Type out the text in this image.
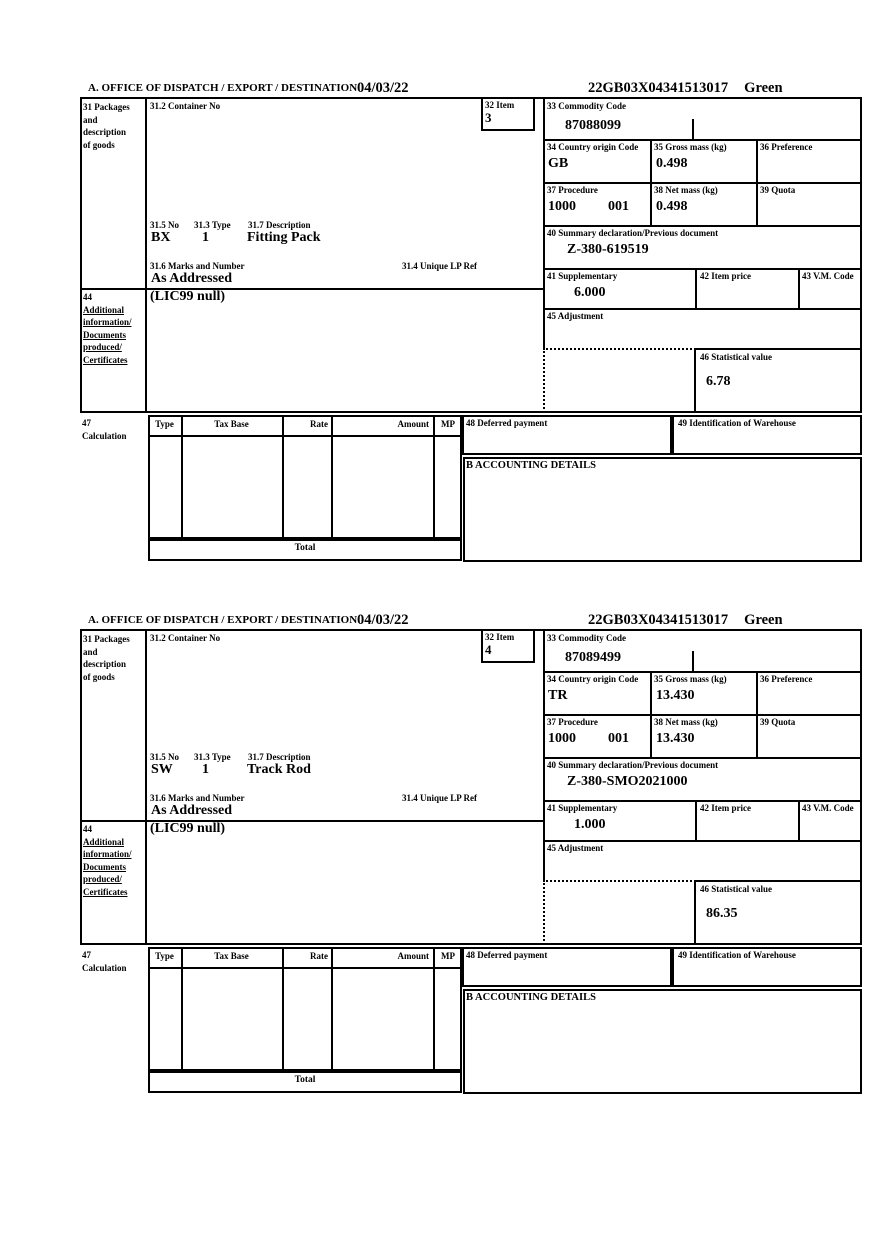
A. OFFICE OF DISPATCH / EXPORT / DESTINATION 04/03/22	22GB03X04341513017 Green
31 Packages
and
description
of goods
44
Additional
information/
Documents
produced/
Certificates
31.2 Container No	32 Item
3
31.5 No 31.3 Type 31.7 Description
BX 1	Fitting Pack
31.6 Marks and Number	31.4 Unique LP Ref
As Addressed
(LIC99 null)
33 Commodity Code
87088099
34 Country origin Code
GB
35 Gross mass (kg)
0.498
36 Preference
37 Procedure
1000 001
38 Net mass (kg)
0.498
39 Quota
40 Summary declaration/Previous document
Z-380-619519
41 Supplementary
6.000
42 Item price	43 V.M. Code
45 Adjustment
46 Statistical value
6.78
47
Calculation
Type	Tax Base	Rate	Amount	MP
Total
48 Deferred payment	49 Identification of Warehouse
B ACCOUNTING DETAILS
A. OFFICE OF DISPATCH / EXPORT / DESTINATION 04/03/22	22GB03X04341513017 Green
31 Packages
and
description
of goods
44
Additional
information/
Documents
produced/
Certificates
31.2 Container No	32 Item
4
31.5 No 31.3 Type 31.7 Description
SW 1	Track Rod
31.6 Marks and Number	31.4 Unique LP Ref
As Addressed
(LIC99 null)
33 Commodity Code
87089499
34 Country origin Code
TR
35 Gross mass (kg)
13.430
36 Preference
37 Procedure
1000 001
38 Net mass (kg)
13.430
39 Quota
40 Summary declaration/Previous document
Z-380-SMO2021000
41 Supplementary
1.000
42 Item price	43 V.M. Code
45 Adjustment
46 Statistical value
86.35
47
Calculation
Type	Tax Base	Rate	Amount	MP
Total
48 Deferred payment	49 Identification of Warehouse
B ACCOUNTING DETAILS
